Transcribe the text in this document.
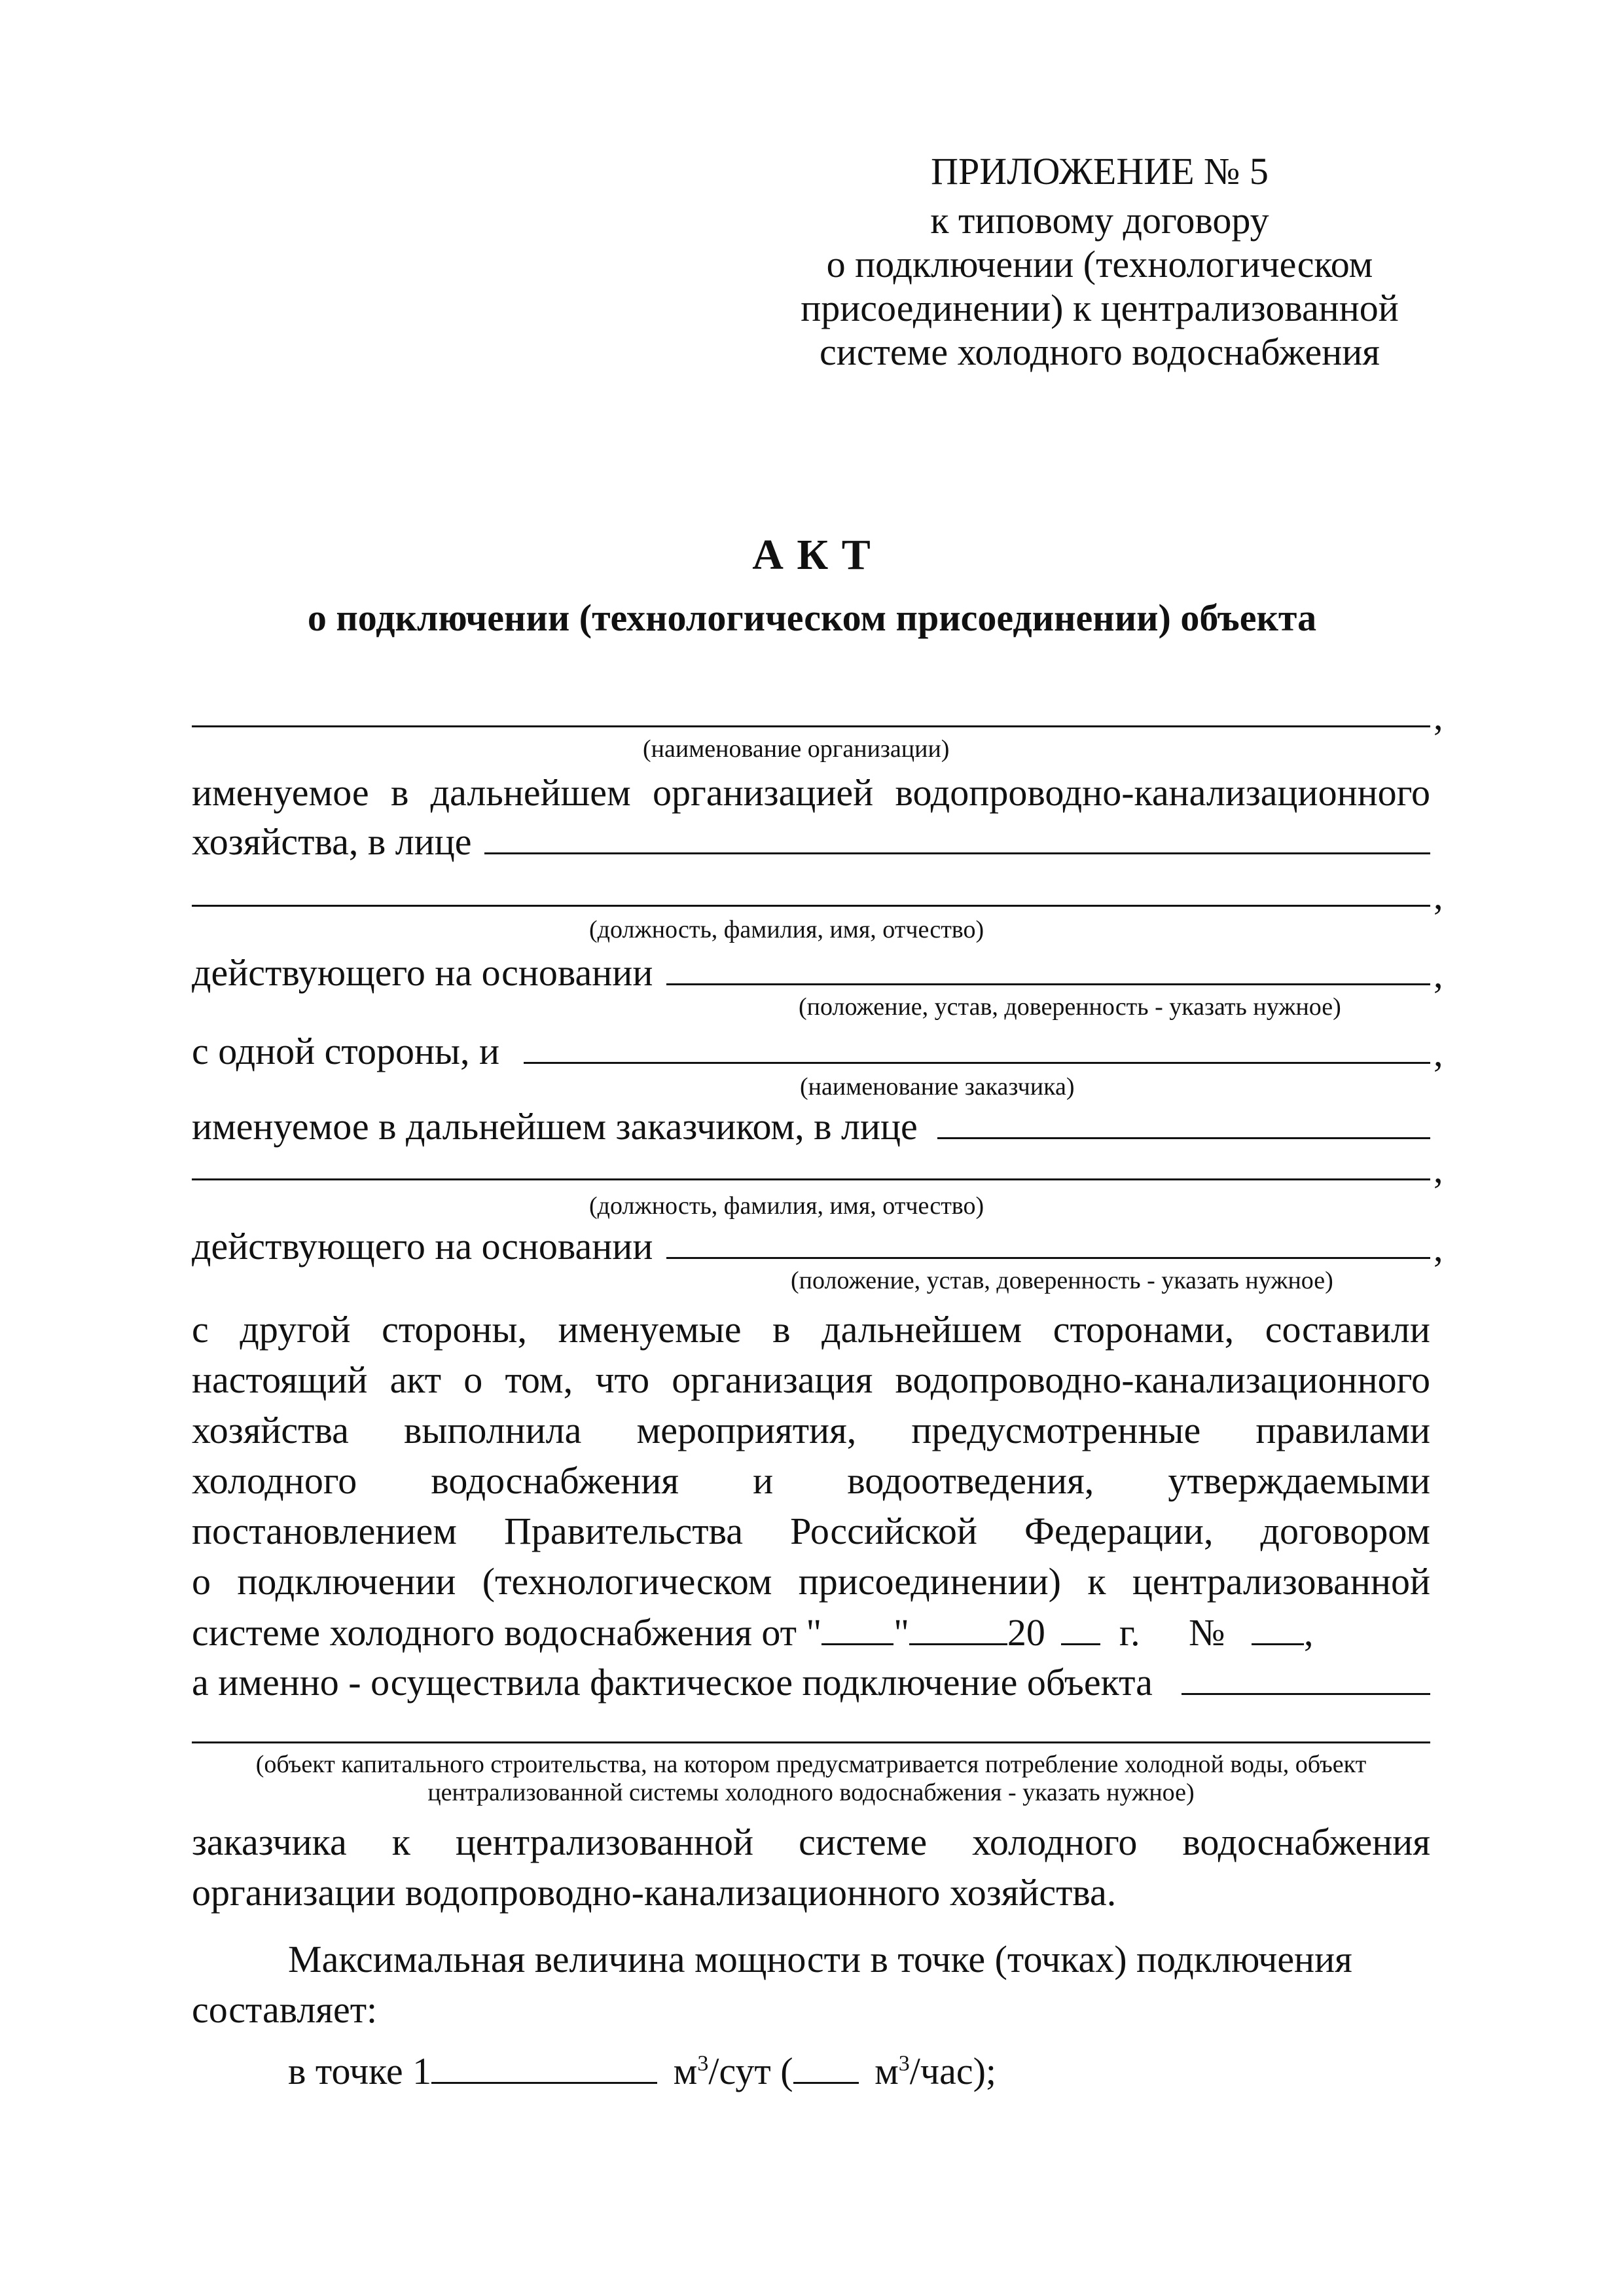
ПРИЛОЖЕНИЕ № 5
к типовому договору
о подключении (технологическом
присоединении) к централизованной
системе холодного водоснабжения
А К Т
о подключении (технологическом присоединении) объекта
,
(наименование организации)
именуемое в дальнейшем организацией водопроводно-канализационного
хозяйства, в лице
,
(должность, фамилия, имя, отчество)
действующего на основании	,
(положение, устав, доверенность - указать нужное)
с одной стороны, и	,
(наименование заказчика)
именуемое в дальнейшем заказчиком, в лице
,
(должность, фамилия, имя, отчество)
действующего на основании	,
(положение, устав, доверенность - указать нужное)
с другой стороны, именуемые в дальнейшем сторонами, составили
настоящий акт о том, что организация водопроводно-канализационного
хозяйства выполнила мероприятия, предусмотренные правилами
холодного водоснабжения и водоотведения, утверждаемыми
постановлением Правительства Российской Федерации, договором
о подключении (технологическом присоединении) к централизованной
системе холодного водоснабжения от " "	20 г. № ,
а именно - осуществила фактическое подключение объекта
(объект капитального строительства, на котором предусматривается потребление холодной воды, объект
централизованной системы холодного водоснабжения - указать нужное)
заказчика к централизованной системе холодного водоснабжения
организации водопроводно-канализационного хозяйства.
Максимальная величина мощности в точке (точках) подключения
составляет:
в точке 1	$м^3$/сут ( $м^3/час$);
